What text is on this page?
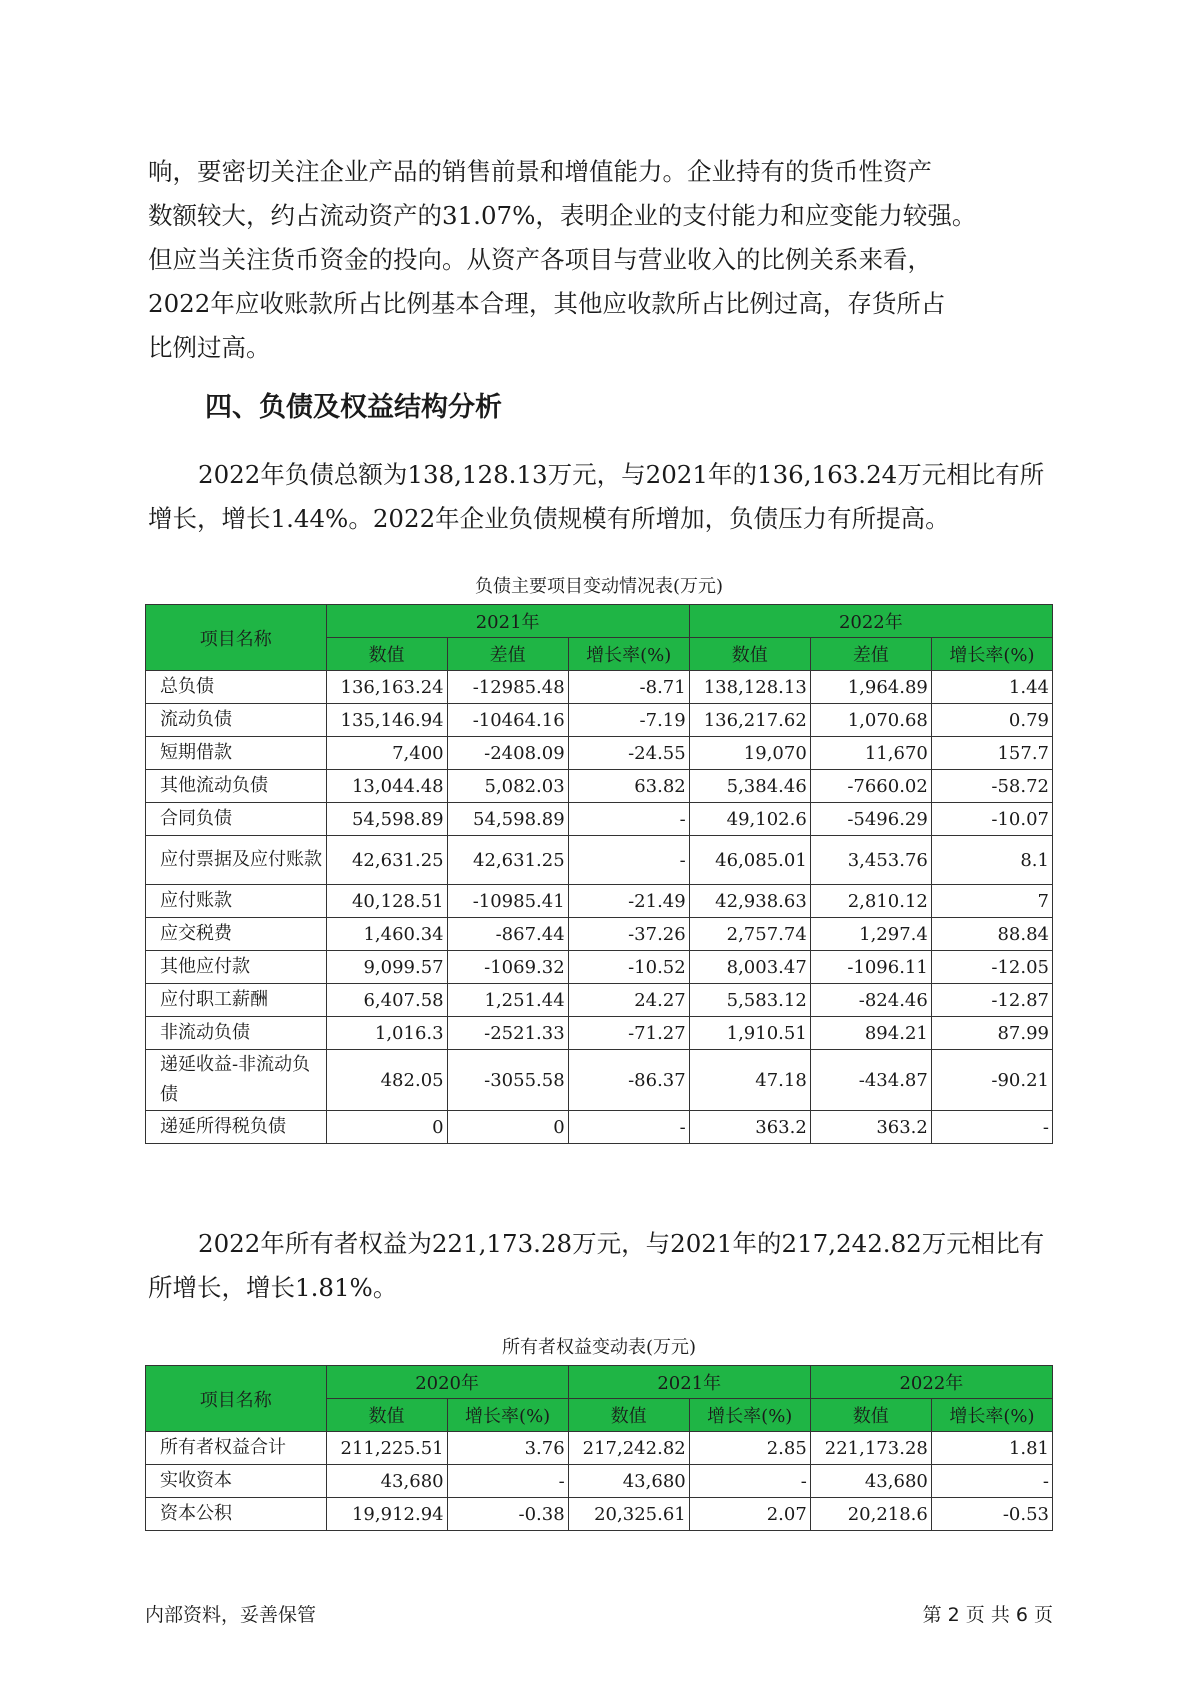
响，要密切关注企业产品的销售前景和增值能力。企业持有的货币性资产

数额较大，约占流动资产的31.07%，表明企业的支付能力和应变能力较强。

但应当关注货币资金的投向。从资产各项目与营业收入的比例关系来看，

2022年应收账款所占比例基本合理，其他应收款所占比例过高，存货所占

比例过高。

四、负债及权益结构分析

2022年负债总额为138,128.13万元，与2021年的136,163.24万元相比有所增长，增长1.44%。2022年企业负债规模有所增加，负债压力有所提高。

负债主要项目变动情况表(万元)
项目名称	2021年			2022年		
	数值	差值	增长率(%)	数值	差值	增长率(%)
总负债	136,163.24	-12985.48	-8.71	138,128.13	1,964.89	1.44
流动负债	135,146.94	-10464.16	-7.19	136,217.62	1,070.68	0.79
短期借款	7,400	-2408.09	-24.55	19,070	11,670	157.7
其他流动负债	13,044.48	5,082.03	63.82	5,384.46	-7660.02	-58.72
合同负债	54,598.89	54,598.89	-	49,102.6	-5496.29	-10.07
应付票据及应付账款	42,631.25	42,631.25	-	46,085.01	3,453.76	8.1
应付账款	40,128.51	-10985.41	-21.49	42,938.63	2,810.12	7
应交税费	1,460.34	-867.44	-37.26	2,757.74	1,297.4	88.84
其他应付款	9,099.57	-1069.32	-10.52	8,003.47	-1096.11	-12.05
应付职工薪酬	6,407.58	1,251.44	24.27	5,583.12	-824.46	-12.87
非流动负债	1,016.3	-2521.33	-71.27	1,910.51	894.21	87.99
递延收益-非流动负债	482.05	-3055.58	-86.37	47.18	-434.87	-90.21
递延所得税负债	0	0	-	363.2	363.2	-

2022年所有者权益为221,173.28万元，与2021年的217,242.82万元相比有所增长，增长1.81%。

所有者权益变动表(万元)
项目名称	2020年		2021年		2022年	
	数值	增长率(%)	数值	增长率(%)	数值	增长率(%)
所有者权益合计	211,225.51	3.76	217,242.82	2.85	221,173.28	1.81
实收资本	43,680	-	43,680	-	43,680	-
资本公积	19,912.94	-0.38	20,325.61	2.07	20,218.6	-0.53
内部资料，妥善保管	第 2 页 共 6 页
